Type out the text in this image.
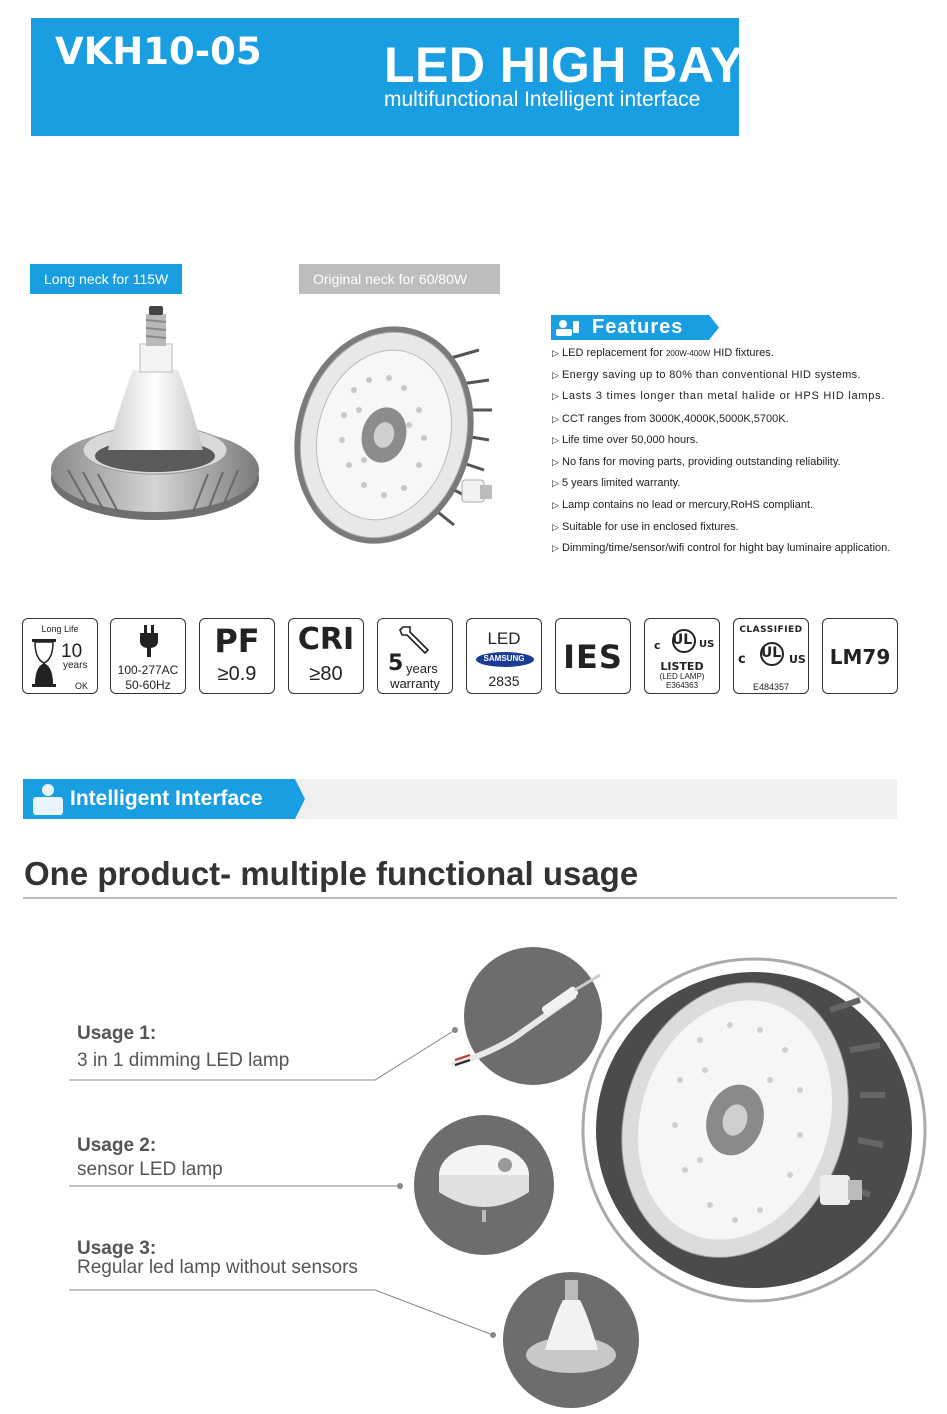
VKH10-05 LED HIGH BAY
multifunctional Intelligent interface
Long neck for 115W	Original neck for 60/80W
Features
▷ LED replacement for 200W-400W HID fixtures.
▷ Energy saving up to 80% than conventional HID systems.
▷ Lasts 3 times longer than metal halide or HPS HID lamps.
▷ CCT ranges from 3000K,4000K,5000K,5700K.
▷ Life time over 50,000 hours.
▷ No fans for moving parts, providing outstanding reliability.
▷ 5 years limited warranty.
▷ Lamp contains no lead or mercury,RoHS compliant.
▷ Suitable for use in enclosed fixtures.
▷ Dimming/time/sensor/wifi control for hight bay luminaire application.
Long Life
10
years
OK
100-277AC
50-60Hz
PF
≥0.9
CRI
≥80	5 years
warranty
LED
SAMSUNG
2835
IES	UL
c	US
LISTED
(LED LAMP)
E364363
CLASSIFIED
UL
c	US
E484357
LM79
Intelligent Interface
One product- multiple functional usage
Usage 1:
3 in 1 dimming LED lamp
Usage 2:
sensor LED lamp
Usage 3:
Regular led lamp without sensors
